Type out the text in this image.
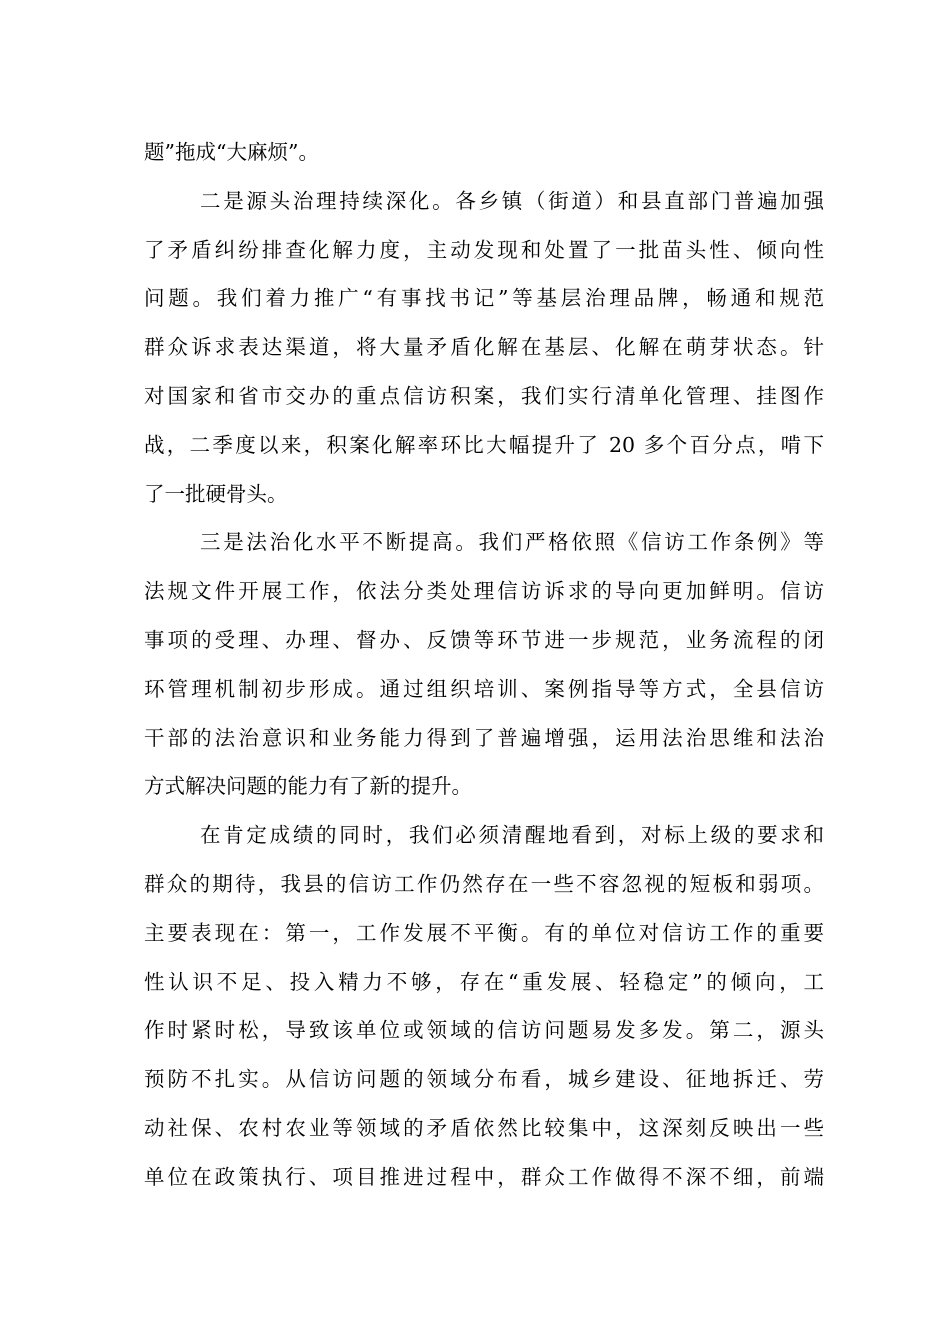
题”拖成“大麻烦”。
二是源头治理持续深化。各乡镇（街道）和县直部门普遍加强
了矛盾纠纷排查化解力度，主动发现和处置了一批苗头性、倾向性
问题。我们着力推广“有事找书记”等基层治理品牌，畅通和规范
群众诉求表达渠道，将大量矛盾化解在基层、化解在萌芽状态。针
对国家和省市交办的重点信访积案，我们实行清单化管理、挂图作
战，二季度以来，积案化解率环比大幅提升了 20 多个百分点，啃下
了一批硬骨头。
三是法治化水平不断提高。我们严格依照《信访工作条例》等
法规文件开展工作，依法分类处理信访诉求的导向更加鲜明。信访
事项的受理、办理、督办、反馈等环节进一步规范，业务流程的闭
环管理机制初步形成。通过组织培训、案例指导等方式，全县信访
干部的法治意识和业务能力得到了普遍增强，运用法治思维和法治
方式解决问题的能力有了新的提升。
在肯定成绩的同时，我们必须清醒地看到，对标上级的要求和
群众的期待，我县的信访工作仍然存在一些不容忽视的短板和弱项。
主要表现在：第一，工作发展不平衡。有的单位对信访工作的重要
性认识不足、投入精力不够，存在“重发展、轻稳定”的倾向，工
作时紧时松，导致该单位或领域的信访问题易发多发。第二，源头
预防不扎实。从信访问题的领域分布看，城乡建设、征地拆迁、劳
动社保、农村农业等领域的矛盾依然比较集中，这深刻反映出一些
单位在政策执行、项目推进过程中，群众工作做得不深不细，前端
